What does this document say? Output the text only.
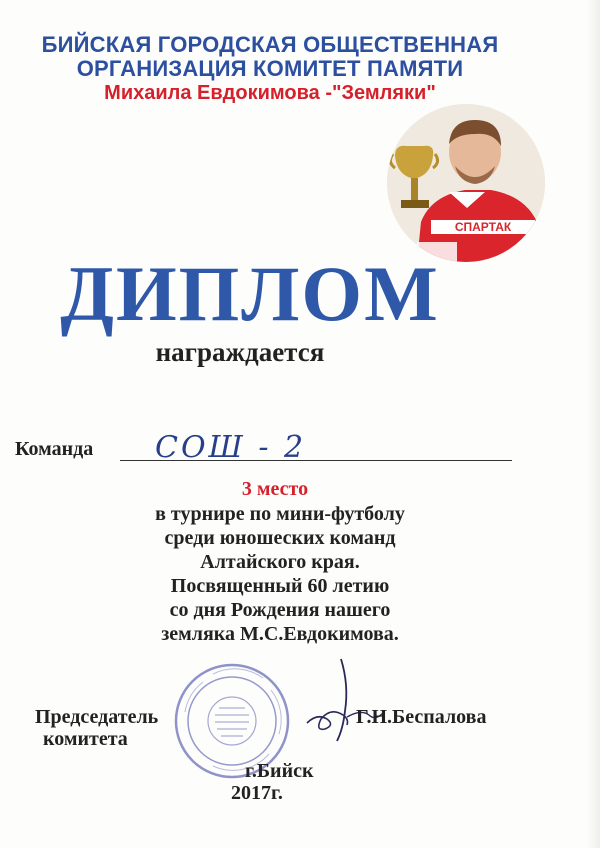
БИЙСКАЯ ГОРОДСКАЯ ОБЩЕСТВЕННАЯ
ОРГАНИЗАЦИЯ КОМИТЕТ ПАМЯТИ
Михаила Евдокимова -"Земляки"
СПАРТАК
ДИПЛОМ
награждается
Команда СОШ - 2
3 место
в турнире по мини-футболу
среди юношеских команд
Алтайского края.
Посвященный 60 летию
со дня Рождения нашего
земляка М.С.Евдокимова.
Председатель
комитета
Г.Н.Беспалова
г.Бийск
2017г.
